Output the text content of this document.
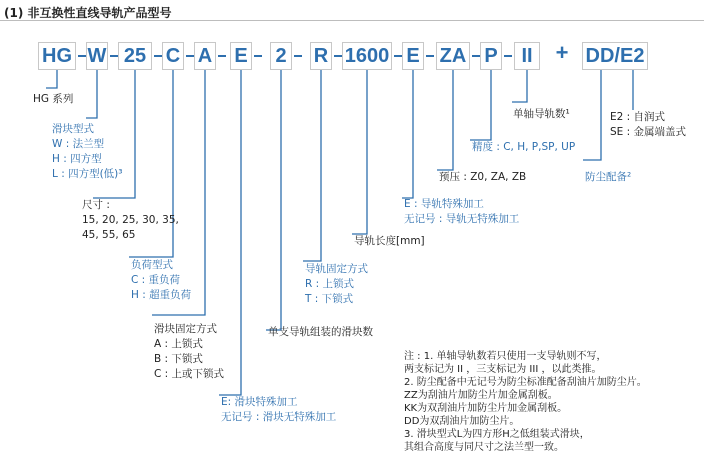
(1) 非互换性直线导轨产品型号
HG W 25 C A E 2 R 1600 E ZA P	II	+ DD/E2
HG 系列
滑块型式
W : 法兰型
H : 四方型
L : 四方型(低)³
尺寸 :
15, 20, 25, 30, 35,
45, 55, 65
负荷型式
C : 重负荷
H : 超重负荷
滑块固定方式
A : 上锁式
B : 下锁式
C : 上或下锁式
E: 滑块特殊加工
无记号 : 滑块无特殊加工
单支导轨组装的滑块数
导轨固定方式
R : 上锁式
T : 下锁式
导轨长度[mm]
E : 导轨特殊加工
无记号 : 导轨无特殊加工
预压 : Z0, ZA, ZB
精度 : C, H, P,SP, UP
单轴导轨数¹
防尘配备²
E2 : 自润式
SE : 金属端盖式
注 : 1. 单轴导轨数若只使用一支导轨则不写，
两支标记为 II ，三支标记为 III ，以此类推。
2. 防尘配备中无记号为防尘标准配备刮油片加防尘片。
ZZ为刮油片加防尘片加金属刮板。
KK为双刮油片加防尘片加金属刮板。
DD为双刮油片加防尘片。
3. 滑块型式L为四方形H之低组装式滑块，
其组合高度与同尺寸之法兰型一致。
